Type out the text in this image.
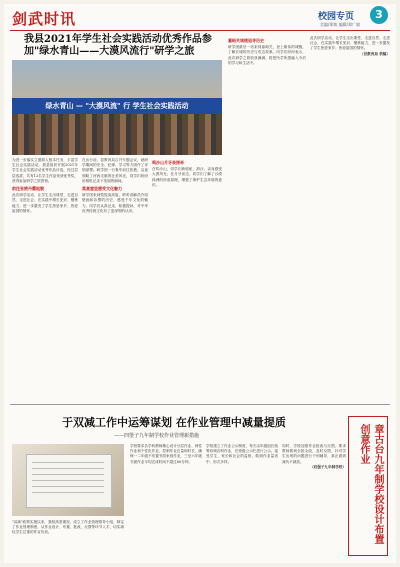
剑武时讯	校园专页	3
美编/郑敏 编辑/郑广斌
我县2021年学生社会实践活动优秀作品参加"绿水青山——大漠风流行"研学之旅
绿水青山 — "大漠风流" 行 学生社会实践活动
为进一步落实立德树人根本任务，丰富学生社会实践活动，我县组织开展2021年学生社会实践活动优秀作品评选，经过层层选拔，共有12名学生作品荣获优秀奖，获得参加研学之旅资格。
前往张掖丹霞地貌
此次研学活动，让学生走出课堂、走进自然、走进社会，在实践中增长见识、锻炼能力，进一步激发了学生热爱家乡、热爱祖国的情怀。
在出行前，县教育局召开专题会议，就研学期间的安全、纪律、学习等方面作了详细部署。研学团一行乘车前往张掖，沿途领略了河西走廊的壮美风光，同学们纷纷用相机记录下美丽的瞬间。
莫高窟里感受文化魅力
研学团来到敦煌莫高窟，聆听讲解员介绍壁画和彩塑的历史，感受千年文化的魅力。同学们认真记录，积极提问，对中华优秀传统文化有了更深刻的认识。
鸣沙山月牙泉探奇
在鸣沙山，同学们骑骆驼、滑沙，亲身感受大漠风光；在月牙泉边，同学们了解了沙漠绿洲的形成原理，增强了保护生态环境的意识。
嘉峪关城楼追寻历史
研学团最后一站来到嘉峪关，登上雄伟的城楼，了解长城的历史与戍边故事。同学们纷纷表示，此次研学之旅收获满满，将把所学所感融入今后的学习和生活中。
此次研学活动，让学生走出课堂、走进自然、走进社会，在实践中增长见识、锻炼能力，进一步激发了学生热爱家乡、热爱祖国的情怀。
（县教育局 供稿）
于双减工作中运筹谋划 在作业管理中减量提质
——四堡子九年制学校作业管理新措施
"双减"政策实施以来，我校高度重视，成立了作业管理领导小组，制定了作业管理制度，从作业设计、布置、批改、反馈等环节入手，切实减轻学生过重的作业负担。
学校要求各学科教师精心设计分层作业、弹性作业和个性化作业，控制作业总量和时长，确保一二年级不布置书面家庭作业，三至六年级书面作业平均完成时间不超过60分钟。
学校建立了作业公示制度，每天由年级组长统筹协调各科作业，在班级公示栏进行公示，接受学生、家长和社会的监督，做到作业量适中、形式多样。
同时，学校加强作业批改与反馈，要求教师做到全批全改，及时反馈，针对学生出现的问题进行个别辅导，真正做到减负不减质。
（四堡子九年制学校）	章古台九年制学校设计布置创意作业
